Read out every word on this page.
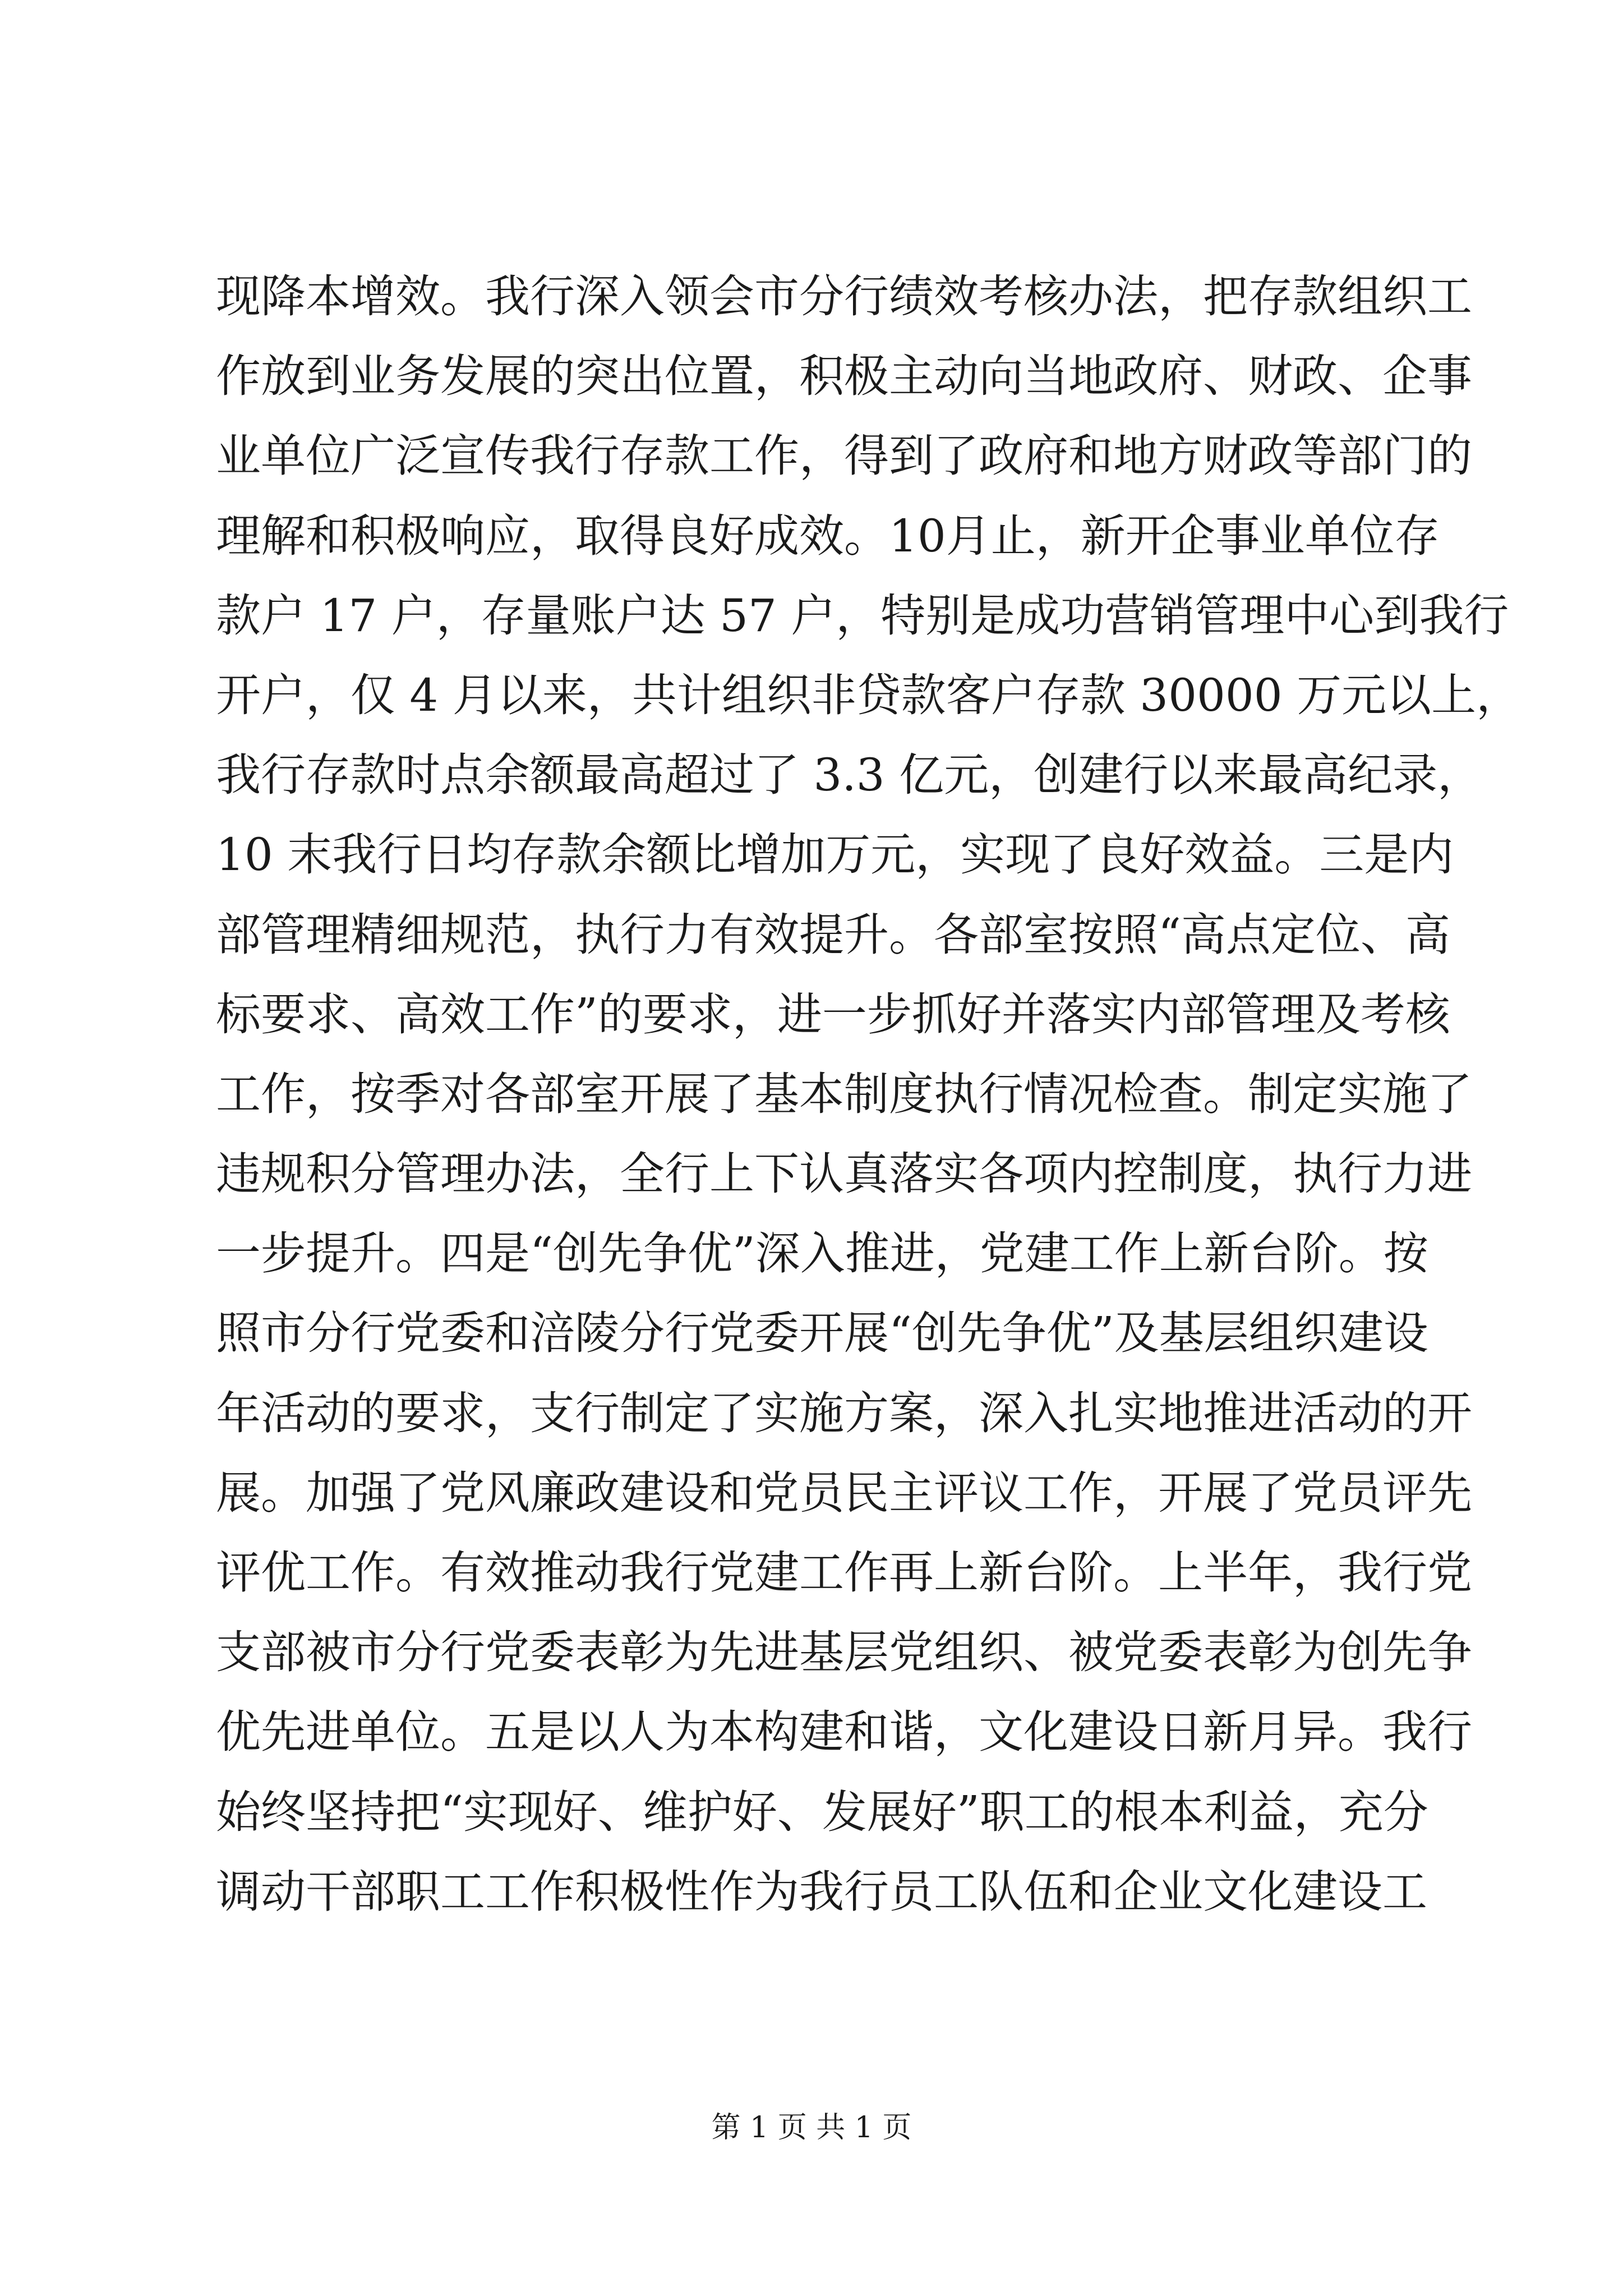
现降本增效。我行深入领会市分行绩效考核办法，把存款组织工
作放到业务发展的突出位置，积极主动向当地政府、财政、企事
业单位广泛宣传我行存款工作，得到了政府和地方财政等部门的
理解和积极响应，取得良好成效。10月止，新开企事业单位存
款户 17 户，存量账户达 57 户，特别是成功营销管理中心到我行
开户，仅 4 月以来，共计组织非贷款客户存款 30000 万元以上，
我行存款时点余额最高超过了 3.3 亿元，创建行以来最高纪录，
10 末我行日均存款余额比增加万元，实现了良好效益。三是内
部管理精细规范，执行力有效提升。各部室按照“高点定位、高
标要求、高效工作”的要求，进一步抓好并落实内部管理及考核
工作，按季对各部室开展了基本制度执行情况检查。制定实施了
违规积分管理办法，全行上下认真落实各项内控制度，执行力进
一步提升。四是“创先争优”深入推进，党建工作上新台阶。按
照市分行党委和涪陵分行党委开展“创先争优”及基层组织建设
年活动的要求，支行制定了实施方案，深入扎实地推进活动的开
展。加强了党风廉政建设和党员民主评议工作，开展了党员评先
评优工作。有效推动我行党建工作再上新台阶。上半年，我行党
支部被市分行党委表彰为先进基层党组织、被党委表彰为创先争
优先进单位。五是以人为本构建和谐，文化建设日新月异。我行
始终坚持把“实现好、维护好、发展好”职工的根本利益，充分
调动干部职工工作积极性作为我行员工队伍和企业文化建设工
第 1 页 共 1 页
